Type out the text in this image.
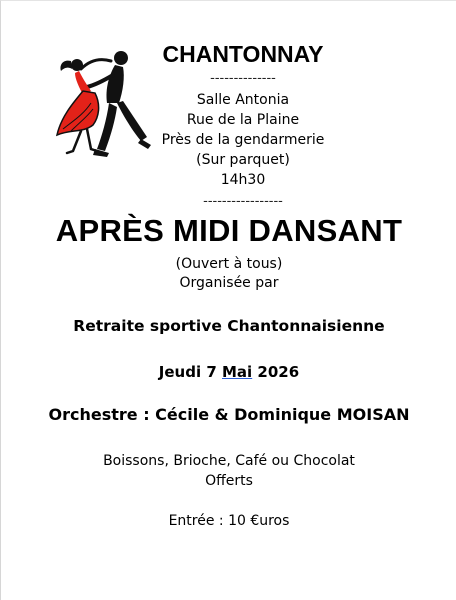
CHANTONNAY
--------------
Salle Antonia
Rue de la Plaine
Près de la gendarmerie
(Sur parquet)
14h30
-----------------
APRÈS MIDI DANSANT
(Ouvert à tous)
Organisée par
Retraite sportive Chantonnaisienne
Jeudi 7 Mai 2026
Orchestre : Cécile & Dominique MOISAN
Boissons, Brioche, Café ou Chocolat
Offerts
Entrée : 10 €uros
